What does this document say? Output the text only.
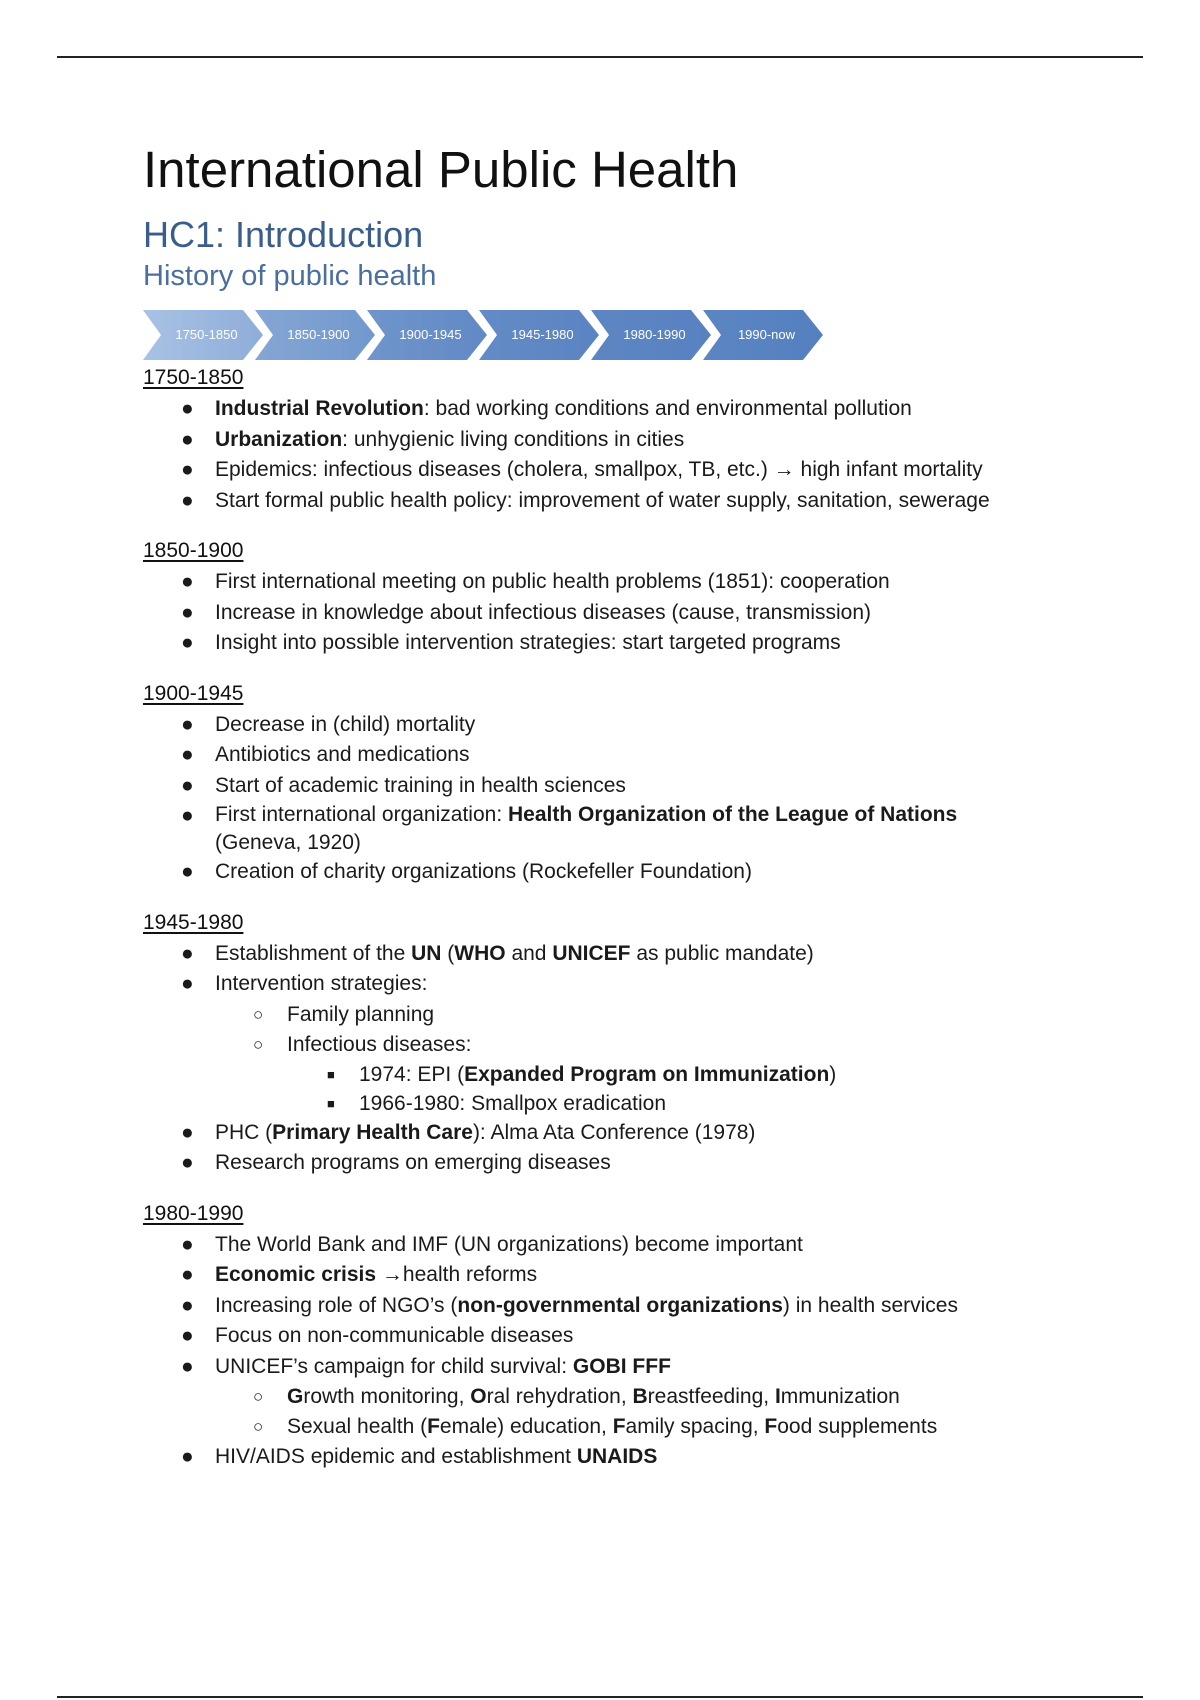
International Public Health
HC1: Introduction
History of public health
1750-1850	1850-1900	1900-1945	1945-1980	1980-1990	1990-now
1750-1850
● Industrial Revolution: bad working conditions and environmental pollution
● Urbanization: unhygienic living conditions in cities
● Epidemics: infectious diseases (cholera, smallpox, TB, etc.) → high infant mortality
● Start formal public health policy: improvement of water supply, sanitation, sewerage
1850-1900
● First international meeting on public health problems (1851): cooperation
● Increase in knowledge about infectious diseases (cause, transmission)
● Insight into possible intervention strategies: start targeted programs
1900-1945
● Decrease in (child) mortality
● Antibiotics and medications
● Start of academic training in health sciences
● First international organization: Health Organization of the League of Nations
(Geneva, 1920)
● Creation of charity organizations (Rockefeller Foundation)
1945-1980
● Establishment of the UN (WHO and UNICEF as public mandate)
● Intervention strategies:
○ Family planning
○ Infectious diseases:
■ 1974: EPI (Expanded Program on Immunization)
■ 1966-1980: Smallpox eradication
● PHC (Primary Health Care): Alma Ata Conference (1978)
● Research programs on emerging diseases
1980-1990
● The World Bank and IMF (UN organizations) become important
● Economic crisis →health reforms
● Increasing role of NGO’s (non-governmental organizations) in health services
● Focus on non-communicable diseases
● UNICEF’s campaign for child survival: GOBI FFF
○ Growth monitoring, Oral rehydration, Breastfeeding, Immunization
○ Sexual health (Female) education, Family spacing, Food supplements
● HIV/AIDS epidemic and establishment UNAIDS
